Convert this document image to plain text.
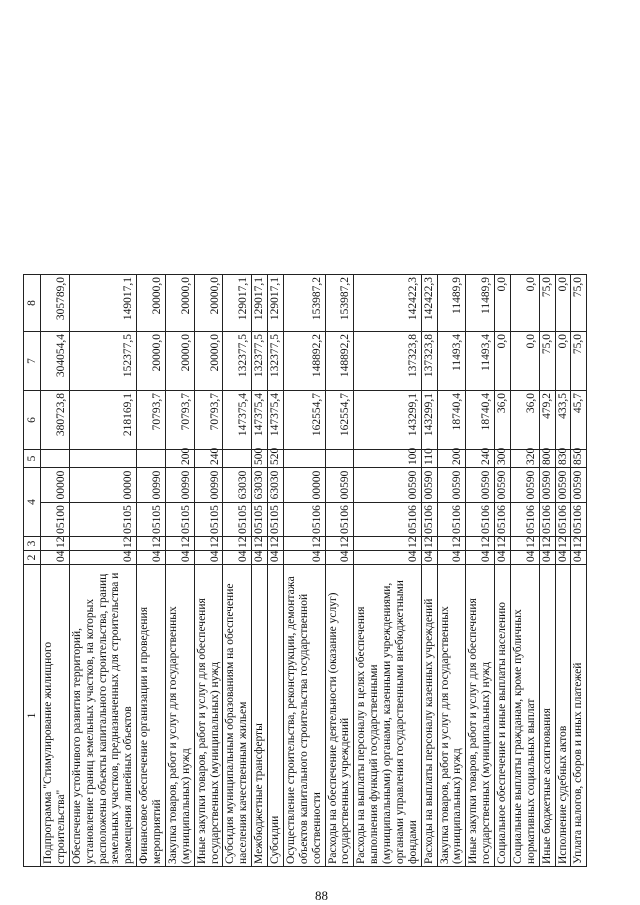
88
1	2	3	4		5	6	7	8
Подпрограмма "Стимулирование жилищного строительства"	04	12	05100	00000		380723,8	304054,4	305789,0
Обеспечение устойчивого развития территорий, установление границ земельных участков, на которых расположены объекты капитального строительства, границ земельных участков, предназначенных для строительства и размещения линейных объектов	04	12	05105	00000		218169,1	152377,5	149017,1
Финансовое обеспечение организации и проведения мероприятий	04	12	05105	00990		70793,7	20000,0	20000,0
Закупка товаров, работ и услуг для государственных (муниципальных) нужд	04	12	05105	00990	200	70793,7	20000,0	20000,0
Иные закупки товаров, работ и услуг для обеспечения государственных (муниципальных) нужд	04	12	05105	00990	240	70793,7	20000,0	20000,0
Субсидия муниципальным образованиям на обеспечение населения качественным жильем	04	12	05105	63030		147375,4	132377,5	129017,1
Межбюджетные трансферты	04	12	05105	63030	500	147375,4	132377,5	129017,1
Субсидии	04	12	05105	63030	520	147375,4	132377,5	129017,1
Осуществление строительства, реконструкции, демонтажа объектов капитального строительства государственной собственности	04	12	05106	00000		162554,7	148892,2	153987,2
Расходы на обеспечение деятельности (оказание услуг) государственных учреждений	04	12	05106	00590		162554,7	148892,2	153987,2
Расходы на выплаты персоналу в целях обеспечения выполнения функций государственными (муниципальными) органами, казенными учреждениями, органами управления государственными внебюджетными фондами	04	12	05106	00590	100	143299,1	137323,8	142422,3
Расходы на выплаты персоналу казенных учреждений	04	12	05106	00590	110	143299,1	137323,8	142422,3
Закупка товаров, работ и услуг для государственных (муниципальных) нужд	04	12	05106	00590	200	18740,4	11493,4	11489,9
Иные закупки товаров, работ и услуг для обеспечения государственных (муниципальных) нужд	04	12	05106	00590	240	18740,4	11493,4	11489,9
Социальное обеспечение и иные выплаты населению	04	12	05106	00590	300	36,0	0,0	0,0
Социальные выплаты гражданам, кроме публичных нормативных социальных выплат	04	12	05106	00590	320	36,0	0,0	0,0
Иные бюджетные ассигнования	04	12	05106	00590	800	479,2	75,0	75,0
Исполнение судебных актов	04	12	05106	00590	830	433,5	0,0	0,0
Уплата налогов, сборов и иных платежей	04	12	05106	00590	850	45,7	75,0	75,0
